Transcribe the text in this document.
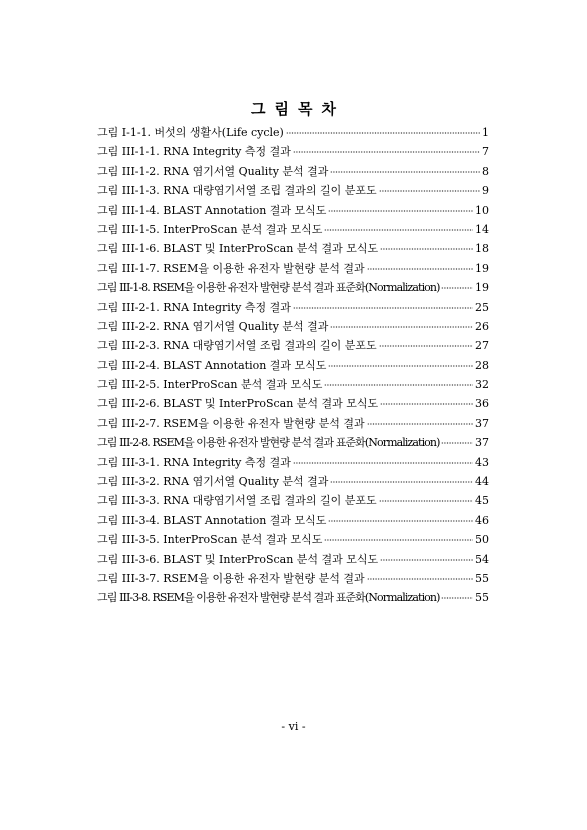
그림목차
그림 I-1-1. 버섯의 생활사(Life cycle)	1
그림 III-1-1. RNA Integrity 측정 결과	7
그림 III-1-2. RNA 염기서열 Quality 분석 결과	8
그림 III-1-3. RNA 대량염기서열 조립 결과의 길이 분포도	9
그림 III-1-4. BLAST Annotation 결과 모식도	10
그림 III-1-5. InterProScan 분석 결과 모식도	14
그림 III-1-6. BLAST 및 InterProScan 분석 결과 모식도	18
그림 III-1-7. RSEM을 이용한 유전자 발현량 분석 결과	19
그림 III-1-8. RSEM을 이용한 유전자 발현량 분석 결과 표준화(Normalization)	19
그림 III-2-1. RNA Integrity 측정 결과	25
그림 III-2-2. RNA 염기서열 Quality 분석 결과	26
그림 III-2-3. RNA 대량염기서열 조립 결과의 길이 분포도	27
그림 III-2-4. BLAST Annotation 결과 모식도	28
그림 III-2-5. InterProScan 분석 결과 모식도	32
그림 III-2-6. BLAST 및 InterProScan 분석 결과 모식도	36
그림 III-2-7. RSEM을 이용한 유전자 발현량 분석 결과	37
그림 III-2-8. RSEM을 이용한 유전자 발현량 분석 결과 표준화(Normalization)	37
그림 III-3-1. RNA Integrity 측정 결과	43
그림 III-3-2. RNA 염기서열 Quality 분석 결과	44
그림 III-3-3. RNA 대량염기서열 조립 결과의 길이 분포도	45
그림 III-3-4. BLAST Annotation 결과 모식도	46
그림 III-3-5. InterProScan 분석 결과 모식도	50
그림 III-3-6. BLAST 및 InterProScan 분석 결과 모식도	54
그림 III-3-7. RSEM을 이용한 유전자 발현량 분석 결과	55
그림 III-3-8. RSEM을 이용한 유전자 발현량 분석 결과 표준화(Normalization)	55
- vi -
